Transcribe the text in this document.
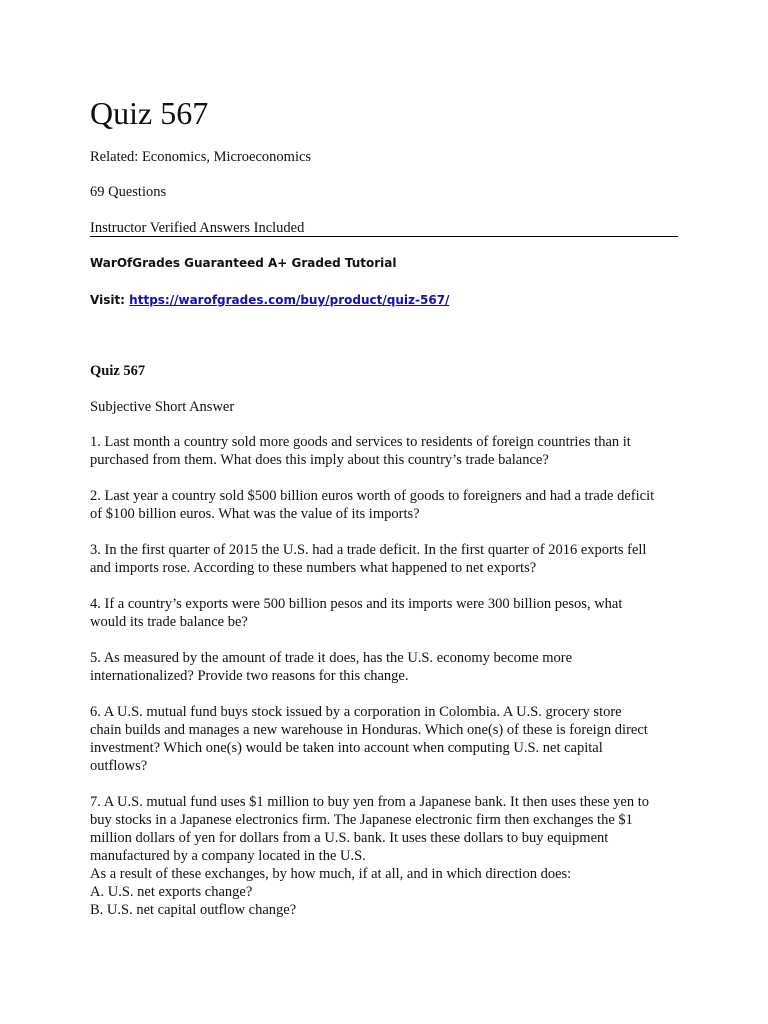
Quiz 567

Related: Economics, Microeconomics

69 Questions

Instructor Verified Answers Included

WarOfGrades Guaranteed A+ Graded Tutorial

Visit: https://warofgrades.com/buy/product/quiz-567/

Quiz 567

Subjective Short Answer

1. Last month a country sold more goods and services to residents of foreign countries than it
purchased from them. What does this imply about this country’s trade balance?

2. Last year a country sold $500 billion euros worth of goods to foreigners and had a trade deficit
of $100 billion euros. What was the value of its imports?

3. In the first quarter of 2015 the U.S. had a trade deficit. In the first quarter of 2016 exports fell
and imports rose. According to these numbers what happened to net exports?

4. If a country’s exports were 500 billion pesos and its imports were 300 billion pesos, what
would its trade balance be?

5. As measured by the amount of trade it does, has the U.S. economy become more
internationalized? Provide two reasons for this change.

6. A U.S. mutual fund buys stock issued by a corporation in Colombia. A U.S. grocery store
chain builds and manages a new warehouse in Honduras. Which one(s) of these is foreign direct
investment? Which one(s) would be taken into account when computing U.S. net capital
outflows?

7. A U.S. mutual fund uses $1 million to buy yen from a Japanese bank. It then uses these yen to
buy stocks in a Japanese electronics firm. The Japanese electronic firm then exchanges the $1
million dollars of yen for dollars from a U.S. bank. It uses these dollars to buy equipment
manufactured by a company located in the U.S.
As a result of these exchanges, by how much, if at all, and in which direction does:
A. U.S. net exports change?
B. U.S. net capital outflow change?
